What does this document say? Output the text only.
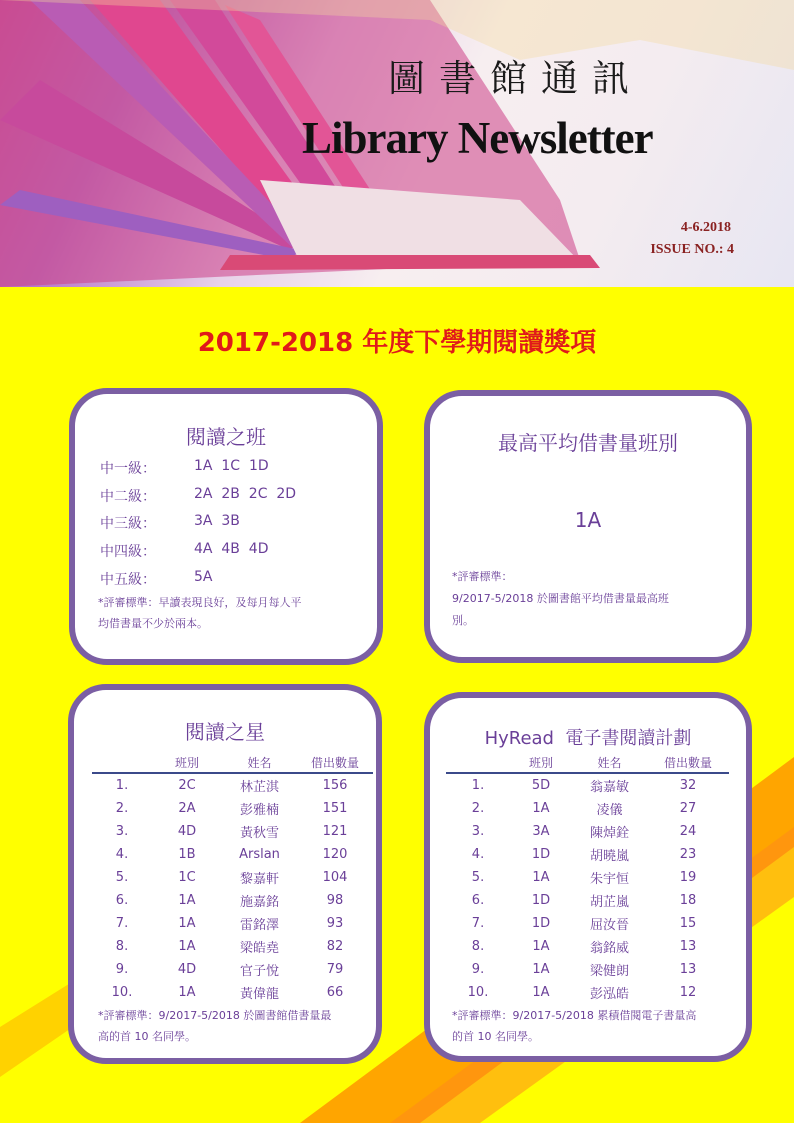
圖書館通訊
Library Newsletter
4-6.2018
ISSUE NO.: 4
2017-2018 年度下學期閱讀獎項
閱讀之班
中一級：	1A  1C  1D
中二級：	2A  2B  2C  2D
中三級：	3A  3B
中四級：	4A  4B  4D
中五級：	5A
*評審標準：早讀表現良好，及每月每人平
均借書量不少於兩本。
最高平均借書量班別
1A
*評審標準：
9/2017-5/2018 於圖書館平均借書量最高班
別。
閱讀之星
	班別	姓名	借出數量
1.	2C	林芷淇	156
2.	2A	彭雅楠	151
3.	4D	黃秋雪	121
4.	1B	Arslan	120
5.	1C	黎嘉軒	104
6.	1A	施嘉銘	98
7.	1A	雷銘澤	93
8.	1A	梁皓堯	82
9.	4D	官子悅	79
10.	1A	黃偉龍	66
*評審標準：9/2017-5/2018 於圖書館借書量最
高的首 10 名同學。
HyRead  電子書閱讀計劃
	班別	姓名	借出數量
1.	5D	翁嘉敏	32
2.	1A	凌儀	27
3.	3A	陳焯銓	24
4.	1D	胡曉嵐	23
5.	1A	朱宇恒	19
6.	1D	胡芷嵐	18
7.	1D	屈汝晉	15
8.	1A	翁銘威	13
9.	1A	梁健朗	13
10.	1A	彭泓皓	12
*評審標準：9/2017-5/2018 累積借閱電子書量高
的首 10 名同學。
